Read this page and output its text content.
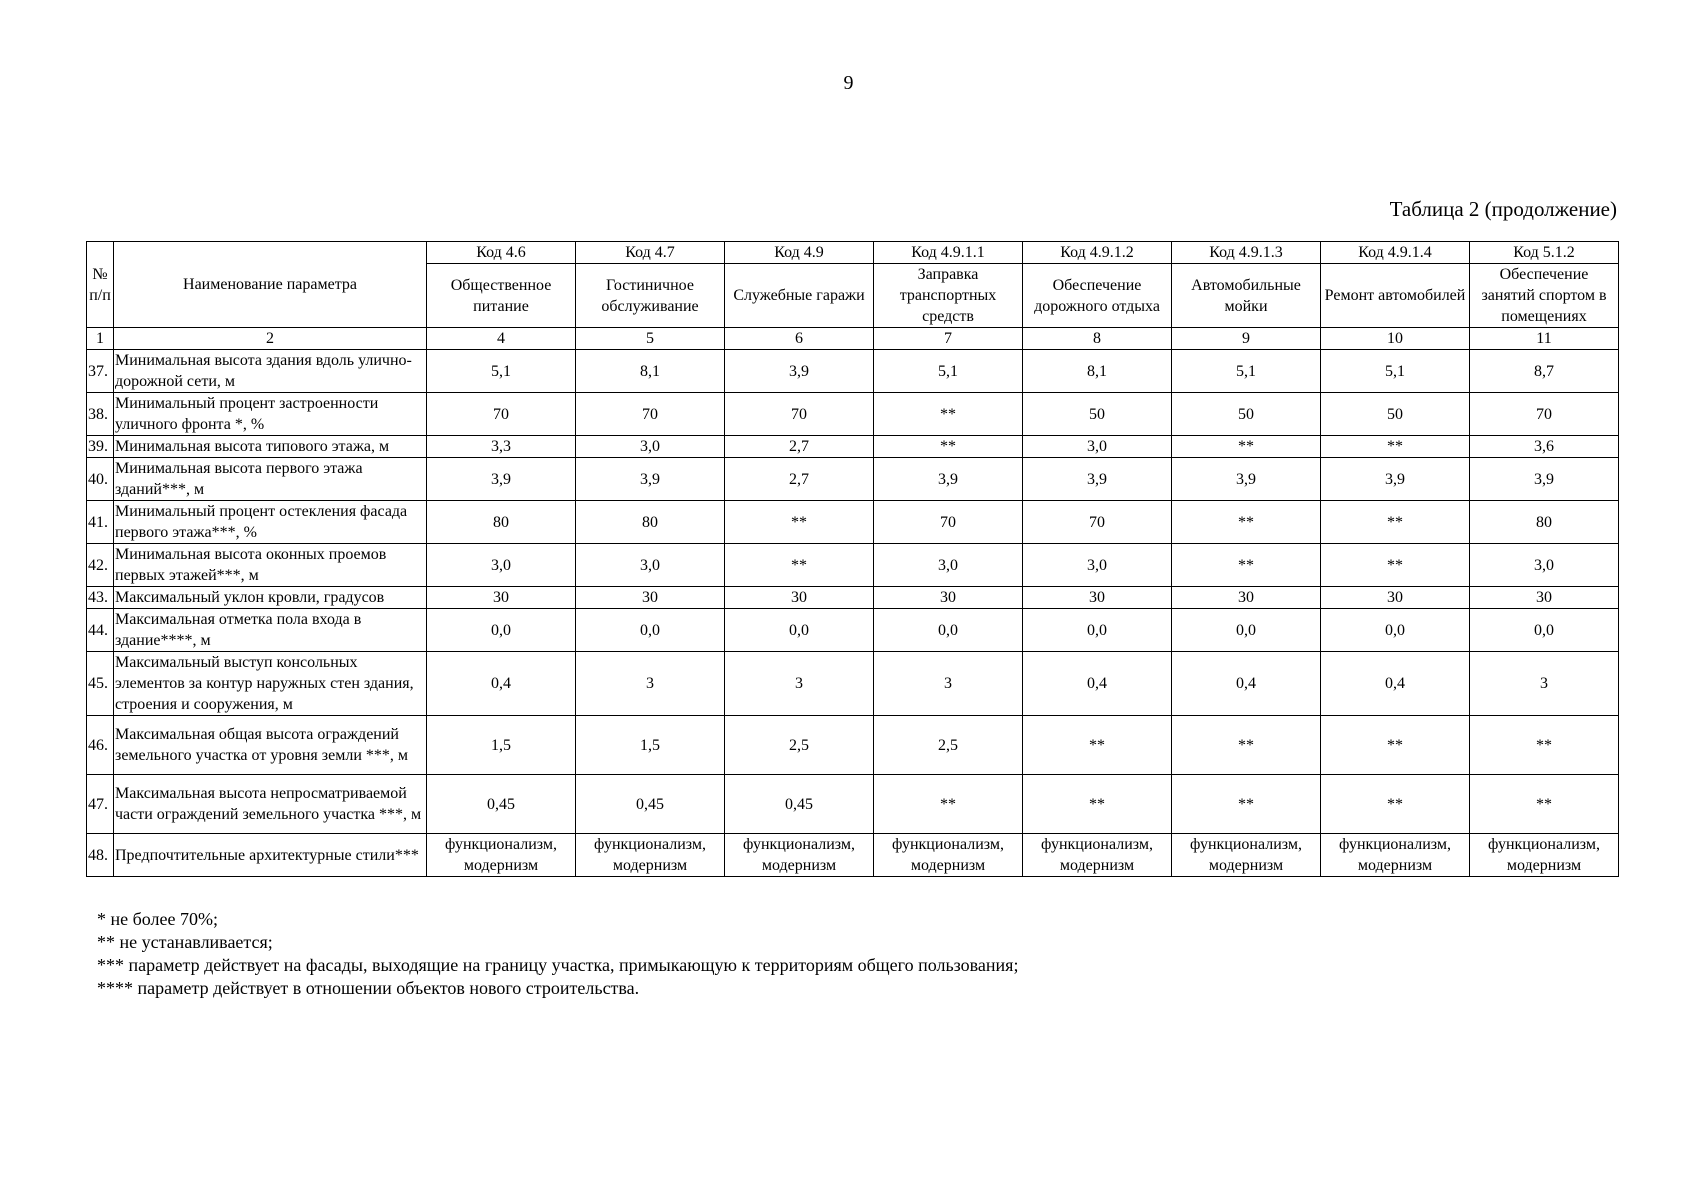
9
Таблица 2 (продолжение)
№ п/п	Наименование параметра	Код 4.6	Код 4.7	Код 4.9	Код 4.9.1.1	Код 4.9.1.2	Код 4.9.1.3	Код 4.9.1.4	Код 5.1.2
		Общественное питание	Гостиничное обслуживание	Служебные гаражи	Заправка транспортных средств	Обеспечение дорожного отдыха	Автомобильные мойки	Ремонт автомобилей	Обеспечение занятий спортом в помещениях
1	2	4	5	6	7	8	9	10	11
37.	Минимальная высота здания вдоль улично-дорожной сети, м	5,1	8,1	3,9	5,1	8,1	5,1	5,1	8,7
38.	Минимальный процент застроенности уличного фронта *, %	70	70	70	**	50	50	50	70
39.	Минимальная высота типового этажа, м	3,3	3,0	2,7	**	3,0	**	**	3,6
40.	Минимальная высота первого этажа зданий***, м	3,9	3,9	2,7	3,9	3,9	3,9	3,9	3,9
41.	Минимальный процент остекления фасада первого этажа***, %	80	80	**	70	70	**	**	80
42.	Минимальная высота оконных проемов первых этажей***, м	3,0	3,0	**	3,0	3,0	**	**	3,0
43.	Максимальный уклон кровли, градусов	30	30	30	30	30	30	30	30
44.	Максимальная отметка пола входа в здание****, м	0,0	0,0	0,0	0,0	0,0	0,0	0,0	0,0
45.	Максимальный выступ консольных элементов за контур наружных стен здания, строения и сооружения, м	0,4	3	3	3	0,4	0,4	0,4	3
46.	Максимальная общая высота ограждений земельного участка от уровня земли ***, м	1,5	1,5	2,5	2,5	**	**	**	**
47.	Максимальная высота непросматриваемой части ограждений земельного участка ***, м	0,45	0,45	0,45	**	**	**	**	**
48.	Предпочтительные архитектурные стили***	функционализм, модернизм	функционализм, модернизм	функционализм, модернизм	функционализм, модернизм	функционализм, модернизм	функционализм, модернизм	функционализм, модернизм	функционализм, модернизм
* не более 70%;
** не устанавливается;
*** параметр действует на фасады, выходящие на границу участка, примыкающую к территориям общего пользования;
**** параметр действует в отношении объектов нового строительства.
